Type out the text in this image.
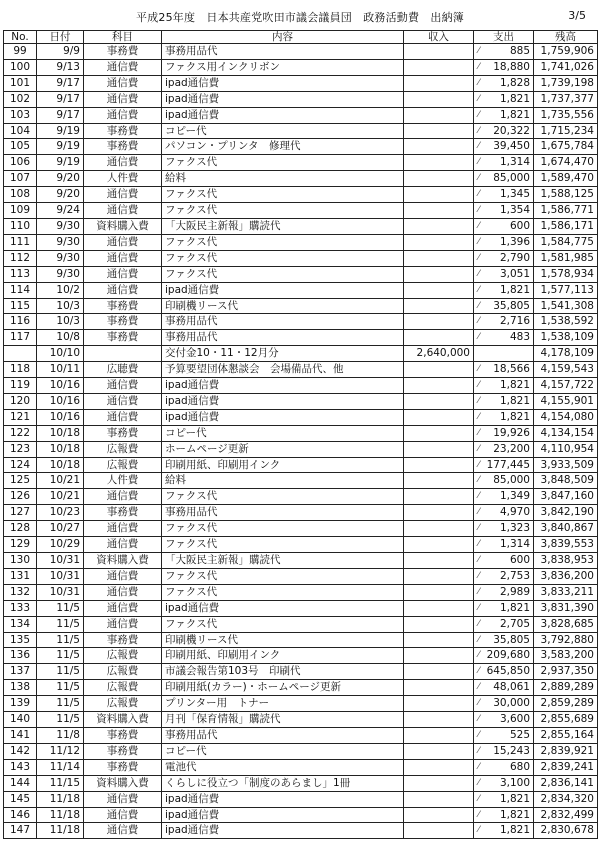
平成25年度　日本共産党吹田市議会議員団　政務活動費　出納簿	3/5
No.	日付	科目	内容	収入	支出	残高
99	9/9	事務費	事務用品代		⁄ 885	1,759,906
100	9/13	通信費	ファクス用インクリボン		⁄ 18,880	1,741,026
101	9/17	通信費	ipad通信費		⁄ 1,828	1,739,198
102	9/17	通信費	ipad通信費		⁄ 1,821	1,737,377
103	9/17	通信費	ipad通信費		⁄ 1,821	1,735,556
104	9/19	事務費	コピー代		⁄ 20,322	1,715,234
105	9/19	事務費	パソコン・プリンタ　修理代		⁄ 39,450	1,675,784
106	9/19	通信費	ファクス代		⁄ 1,314	1,674,470
107	9/20	人件費	給料		⁄ 85,000	1,589,470
108	9/20	通信費	ファクス代		⁄ 1,345	1,588,125
109	9/24	通信費	ファクス代		⁄ 1,354	1,586,771
110	9/30	資料購入費	「大阪民主新報」購読代		⁄ 600	1,586,171
111	9/30	通信費	ファクス代		⁄ 1,396	1,584,775
112	9/30	通信費	ファクス代		⁄ 2,790	1,581,985
113	9/30	通信費	ファクス代		⁄ 3,051	1,578,934
114	10/2	通信費	ipad通信費		⁄ 1,821	1,577,113
115	10/3	事務費	印刷機リース代		⁄ 35,805	1,541,308
116	10/3	事務費	事務用品代		⁄ 2,716	1,538,592
117	10/8	事務費	事務用品代		⁄ 483	1,538,109
	10/10		交付金10・11・12月分	2,640,000		4,178,109
118	10/11	広聴費	予算要望団体懇談会　会場備品代、他		⁄ 18,566	4,159,543
119	10/16	通信費	ipad通信費		⁄ 1,821	4,157,722
120	10/16	通信費	ipad通信費		⁄ 1,821	4,155,901
121	10/16	通信費	ipad通信費		⁄ 1,821	4,154,080
122	10/18	事務費	コピー代		⁄ 19,926	4,134,154
123	10/18	広報費	ホームページ更新		⁄ 23,200	4,110,954
124	10/18	広報費	印刷用紙、印刷用インク		⁄ 177,445	3,933,509
125	10/21	人件費	給料		⁄ 85,000	3,848,509
126	10/21	通信費	ファクス代		⁄ 1,349	3,847,160
127	10/23	事務費	事務用品代		⁄ 4,970	3,842,190
128	10/27	通信費	ファクス代		⁄ 1,323	3,840,867
129	10/29	通信費	ファクス代		⁄ 1,314	3,839,553
130	10/31	資料購入費	「大阪民主新報」購読代		⁄ 600	3,838,953
131	10/31	通信費	ファクス代		⁄ 2,753	3,836,200
132	10/31	通信費	ファクス代		⁄ 2,989	3,833,211
133	11/5	通信費	ipad通信費		⁄ 1,821	3,831,390
134	11/5	通信費	ファクス代		⁄ 2,705	3,828,685
135	11/5	事務費	印刷機リース代		⁄ 35,805	3,792,880
136	11/5	広報費	印刷用紙、印刷用インク		⁄ 209,680	3,583,200
137	11/5	広報費	市議会報告第103号　印刷代		⁄ 645,850	2,937,350
138	11/5	広報費	印刷用紙(カラー)・ホームページ更新		⁄ 48,061	2,889,289
139	11/5	広報費	プリンター用　トナー		⁄ 30,000	2,859,289
140	11/5	資料購入費	月刊「保育情報」購読代		⁄ 3,600	2,855,689
141	11/8	事務費	事務用品代		⁄ 525	2,855,164
142	11/12	事務費	コピー代		⁄ 15,243	2,839,921
143	11/14	事務費	電池代		⁄ 680	2,839,241
144	11/15	資料購入費	くらしに役立つ「制度のあらまし」1冊		⁄ 3,100	2,836,141
145	11/18	通信費	ipad通信費		⁄ 1,821	2,834,320
146	11/18	通信費	ipad通信費		⁄ 1,821	2,832,499
147	11/18	通信費	ipad通信費		⁄ 1,821	2,830,678
